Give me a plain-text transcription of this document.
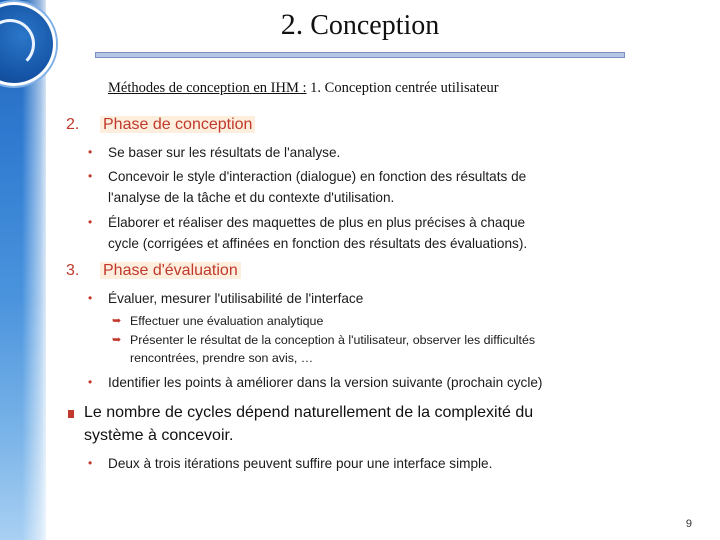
2. Conception
Méthodes de conception en IHM : 1. Conception centrée utilisateur
2. Phase de conception
• Se baser sur les résultats de l'analyse.
• Concevoir le style d'interaction (dialogue) en fonction des résultats de
l'analyse de la tâche et du contexte d'utilisation.
• Élaborer et réaliser des maquettes de plus en plus précises à chaque
cycle (corrigées et affinées en fonction des résultats des évaluations).
3. Phase d'évaluation
• Évaluer, mesurer l'utilisabilité de l'interface
➥ Effectuer une évaluation analytique
➥ Présenter le résultat de la conception à l'utilisateur, observer les difficultés
rencontrées, prendre son avis, …
• Identifier les points à améliorer dans la version suivante (prochain cycle)
Le nombre de cycles dépend naturellement de la complexité du
système à concevoir.
• Deux à trois itérations peuvent suffire pour une interface simple.
9
